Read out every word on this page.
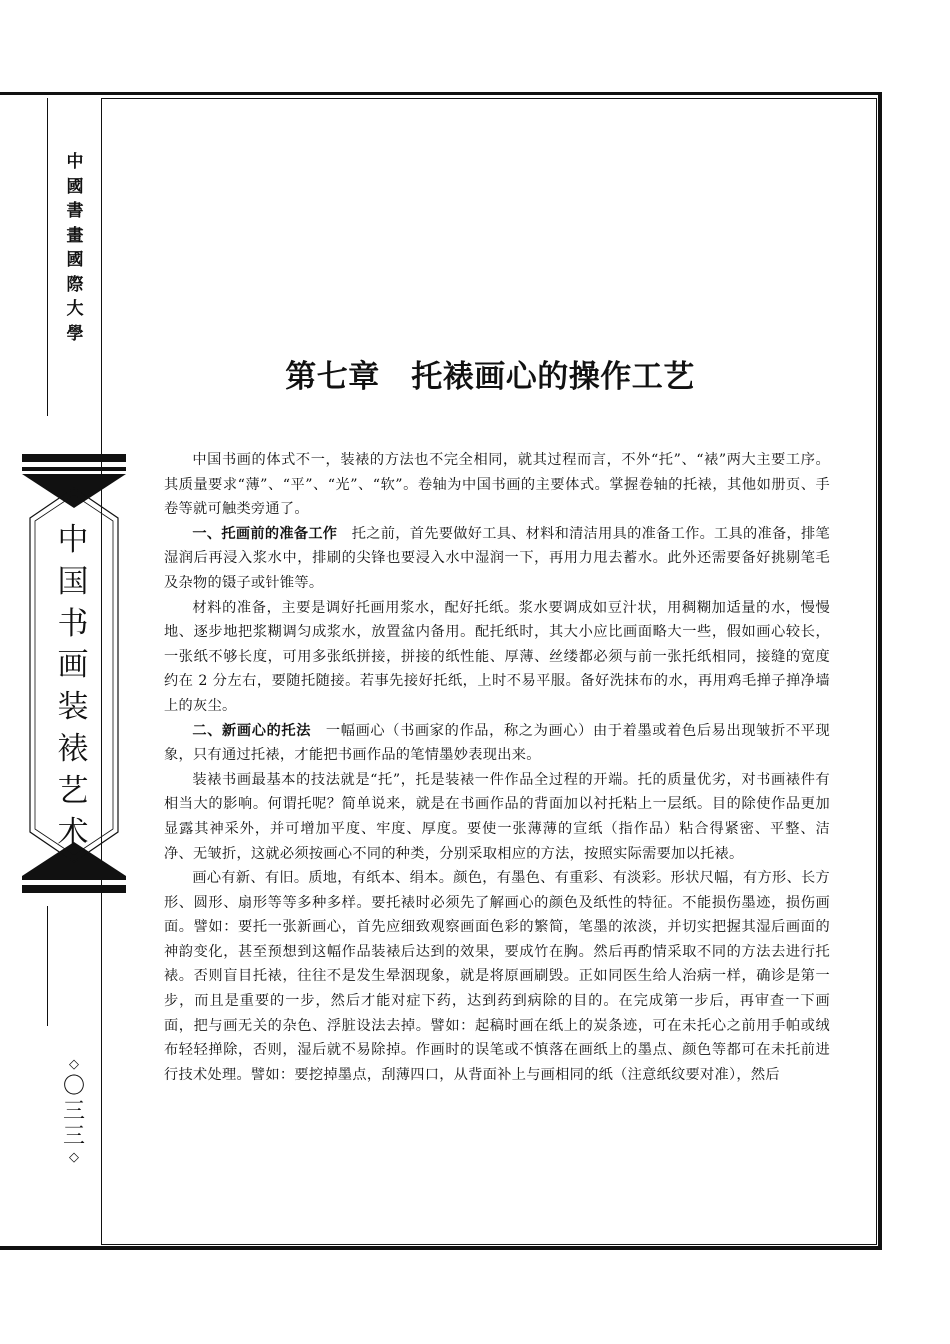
中
國
書
畫
國
際
大
學
中
国
书
画
装
裱
艺
术
◇
〇
三
三
◇
第七章　托裱画心的操作工艺

中国书画的体式不一，装裱的方法也不完全相同，就其过程而言，不外“托”、“裱”两大主要工序。其质量要求“薄”、“平”、“光”、“软”。卷轴为中国书画的主要体式。掌握卷轴的托裱，其他如册页、手卷等就可触类旁通了。

一、托画前的准备工作　 托之前，首先要做好工具、材料和清洁用具的准备工作。工具的准备，排笔湿润后再浸入浆水中，排刷的尖锋也要浸入水中湿润一下，再用力甩去蓄水。此外还需要备好挑剔笔毛及杂物的镊子或针锥等。

材料的准备，主要是调好托画用浆水，配好托纸。浆水要调成如豆汁状，用稠糊加适量的水，慢慢地、逐步地把浆糊调匀成浆水，放置盆内备用。配托纸时，其大小应比画面略大一些，假如画心较长，一张纸不够长度，可用多张纸拼接，拼接的纸性能、厚薄、丝缕都必须与前一张托纸相同，接缝的宽度约在 2 分左右，要随托随接。若事先接好托纸，上时不易平服。备好洗抹布的水，再用鸡毛掸子掸净墙上的灰尘。

二、新画心的托法　 一幅画心（书画家的作品，称之为画心）由于着墨或着色后易出现皱折不平现象，只有通过托裱，才能把书画作品的笔情墨妙表现出来。

装裱书画最基本的技法就是“托”，托是装裱一件作品全过程的开端。托的质量优劣，对书画裱件有相当大的影响。何谓托呢？简单说来，就是在书画作品的背面加以衬托粘上一层纸。目的除使作品更加显露其神采外，并可增加平度、牢度、厚度。要使一张薄薄的宣纸（指作品）粘合得紧密、平整、洁净、无皱折，这就必须按画心不同的种类，分别采取相应的方法，按照实际需要加以托裱。

画心有新、有旧。质地，有纸本、绢本。颜色，有墨色、有重彩、有淡彩。形状尺幅，有方形、长方形、圆形、扇形等等多种多样。要托裱时必须先了解画心的颜色及纸性的特征。不能损伤墨迹，损伤画面。譬如：要托一张新画心，首先应细致观察画面色彩的繁简，笔墨的浓淡，并切实把握其湿后画面的神韵变化，甚至预想到这幅作品装裱后达到的效果，要成竹在胸。然后再酌情采取不同的方法去进行托裱。否则盲目托裱，往往不是发生晕洇现象，就是将原画刷毁。正如同医生给人治病一样，确诊是第一步，而且是重要的一步，然后才能对症下药，达到药到病除的目的。在完成第一步后，再审查一下画面，把与画无关的杂色、浮脏设法去掉。譬如：起稿时画在纸上的炭条迹，可在未托心之前用手帕或绒布轻轻掸除，否则，湿后就不易除掉。作画时的误笔或不慎落在画纸上的墨点、颜色等都可在未托前进行技术处理。譬如：要挖掉墨点，刮薄四口，从背面补上与画相同的纸（注意纸纹要对准），然后
